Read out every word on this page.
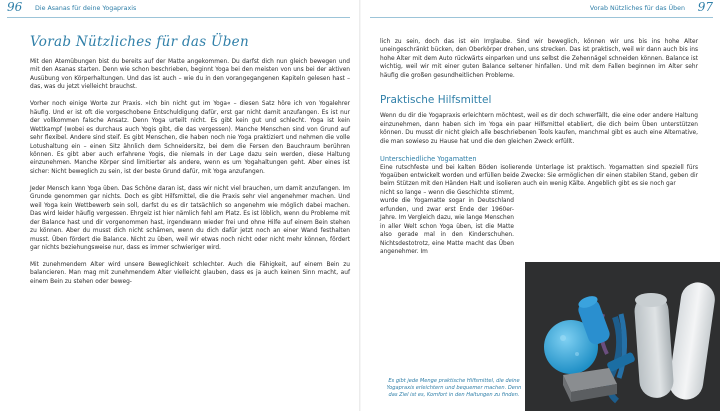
96 Die Asanas für deine Yogapraxis	Vorab Nützliches für das Üben 97
Vorab Nützliches für das Üben

Mit den Atemübungen bist du bereits auf der Matte angekommen. Du darfst dich nun gleich bewegen und mit den Asanas starten. Denn wie schon beschrieben, beginnt Yoga bei den meisten von uns bei der aktiven Ausübung von Körperhaltungen. Und das ist auch – wie du in den vorangegangenen Kapiteln gelesen hast – das, was du jetzt vielleicht brauchst.

Vorher noch einige Worte zur Praxis. »Ich bin nicht gut im Yoga« – diesen Satz höre ich von Yogalehrer häufig. Und er ist oft die vorgeschobene Entschuldigung dafür, erst gar nicht damit anzufangen. Es ist nur der vollkommen falsche Ansatz. Denn Yoga urteilt nicht. Es gibt kein gut und schlecht. Yoga ist kein Wettkampf (wobei es durchaus auch Yogis gibt, die das vergessen). Manche Menschen sind von Grund auf sehr flexibel. Andere sind steif. Es gibt Menschen, die haben noch nie Yoga praktiziert und nehmen die volle Lotushaltung ein – einen Sitz ähnlich dem Schneidersitz, bei dem die Fersen den Bauchraum berühren können. Es gibt aber auch erfahrene Yogis, die niemals in der Lage dazu sein werden, diese Haltung einzunehmen. Manche Körper sind limitierter als andere, wenn es um Yogahaltungen geht. Aber eines ist sicher: Nicht beweglich zu sein, ist der beste Grund dafür, mit Yoga anzufangen.

Jeder Mensch kann Yoga üben. Das Schöne daran ist, dass wir nicht viel brauchen, um damit anzufangen. Im Grunde genommen gar nichts. Doch es gibt Hilfsmittel, die die Praxis sehr viel angenehmer machen. Und weil Yoga kein Wettbewerb sein soll, darfst du es dir tatsächlich so angenehm wie möglich dabei machen. Das wird leider häufig vergessen. Ehrgeiz ist hier nämlich fehl am Platz. Es ist löblich, wenn du Probleme mit der Balance hast und dir vorgenommen hast, irgendwann wieder frei und ohne Hilfe auf einem Bein stehen zu können. Aber du musst dich nicht schämen, wenn du dich dafür jetzt noch an einer Wand festhalten musst. Üben fördert die Balance. Nicht zu üben, weil wir etwas noch nicht oder nicht mehr können, fördert gar nichts beziehungsweise nur, dass es immer schwieriger wird.

Mit zunehmendem Alter wird unsere Beweglichkeit schlechter. Auch die Fähigkeit, auf einem Bein zu balancieren. Man mag mit zunehmendem Alter vielleicht glauben, dass es ja auch keinen Sinn macht, auf einem Bein zu stehen oder beweg-

lich zu sein, doch das ist ein Irrglaube. Sind wir beweglich, können wir uns bis ins hohe Alter uneingeschränkt bücken, den Oberkörper drehen, uns strecken. Das ist praktisch, weil wir dann auch bis ins hohe Alter mit dem Auto rückwärts einparken und uns selbst die Zehennägel schneiden können. Balance ist wichtig, weil wir mit einer guten Balance seltener hinfallen. Und mit dem Fallen beginnen im Alter sehr häufig die großen gesundheitlichen Probleme.

Praktische Hilfsmittel

Wenn du dir die Yogapraxis erleichtern möchtest, weil es dir doch schwerfällt, die eine oder andere Haltung einzunehmen, dann haben sich im Yoga ein paar Hilfsmittel etabliert, die dich beim Üben unterstützen können. Du musst dir nicht gleich alle beschriebenen Tools kaufen, manchmal gibt es auch eine Alternative, die man sowieso zu Hause hat und die den gleichen Zweck erfüllt.

Unterschiedliche Yogamatten

Eine rutschfeste und bei kalten Böden isolierende Unterlage ist praktisch. Yogamatten sind speziell fürs Yogaüben entwickelt worden und erfüllen beide Zwecke: Sie ermöglichen dir einen stabilen Stand, geben dir beim Stützen mit den Händen Halt und isolieren auch ein wenig Kälte. Angeblich gibt es sie noch gar

nicht so lange – wenn die Geschichte stimmt, wurde die Yogamatte sogar in Deutschland erfunden, und zwar erst Ende der 1960er-Jahre. Im Vergleich dazu, wie lange Menschen in aller Welt schon Yoga üben, ist die Matte also gerade mal in den Kinderschuhen. Nichtsdestotrotz, eine Matte macht das Üben angenehmer. Im

Es gibt jede Menge praktische Hilfsmittel, die deine Yogapraxis erleichtern und bequemer machen. Denn das Ziel ist es, Komfort in den Haltungen zu finden.
